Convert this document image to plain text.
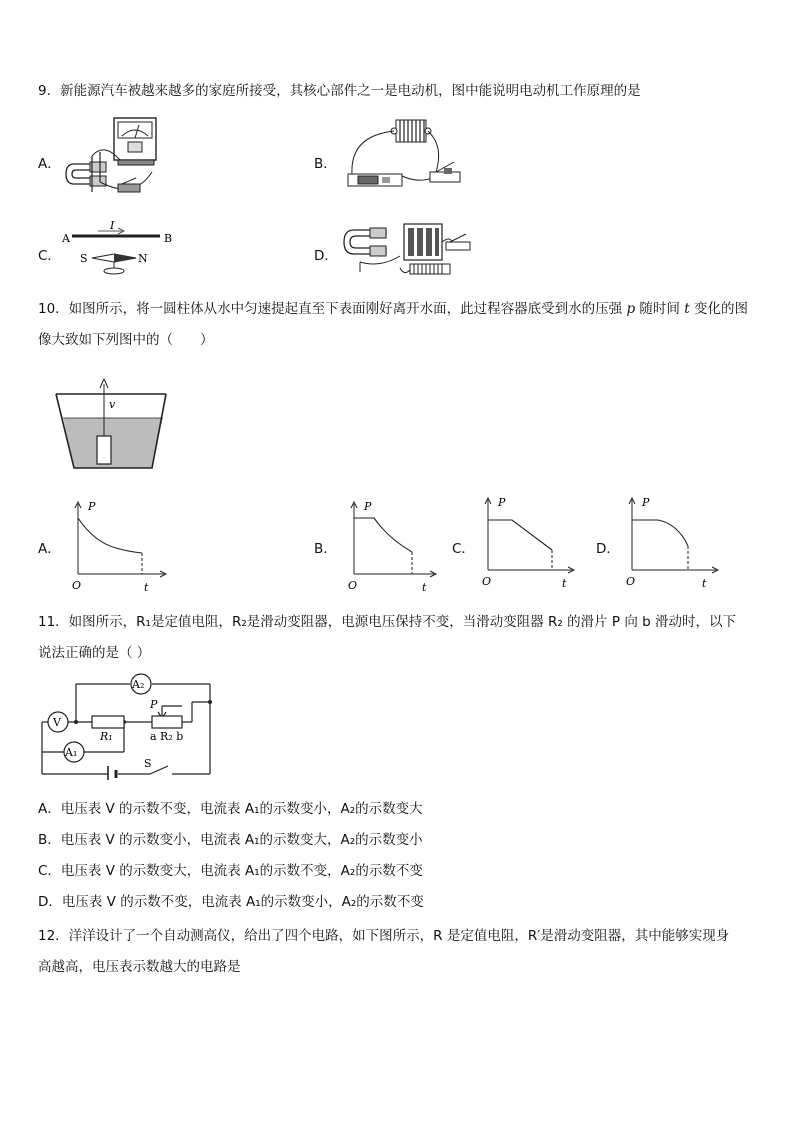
9．新能源汽车被越来越多的家庭所接受，其核心部件之一是电动机，图中能说明电动机工作原理的是
A．	B．
C．
I
A	B
S	N	D．
10．如图所示，将一圆柱体从水中匀速提起直至下表面刚好离开水面，此过程容器底受到水的压强 p 随时间 t 变化的图
像大致如下列图中的（　　）
v
A．
P
O	t
B．
P
O	t
C．
P
O	t
D．
P
O	t
11．如图所示，R₁是定值电阻，R₂是滑动变阻器，电源电压保持不变，当滑动变阻器 R₂ 的滑片 P 向 b 滑动时，以下
说法正确的是（ ）
A₂
V
A₁
R₁
P
a R₂ b
S
A．电压表 V 的示数不变，电流表 A₁的示数变小，A₂的示数变大
B．电压表 V 的示数变小，电流表 A₁的示数变大，A₂的示数变小
C．电压表 V 的示数变大，电流表 A₁的示数不变，A₂的示数不变
D．电压表 V 的示数不变，电流表 A₁的示数变小，A₂的示数不变
12．洋洋设计了一个自动测高仪，给出了四个电路，如下图所示，R 是定值电阻，R′是滑动变阻器，其中能够实现身
高越高，电压表示数越大的电路是
